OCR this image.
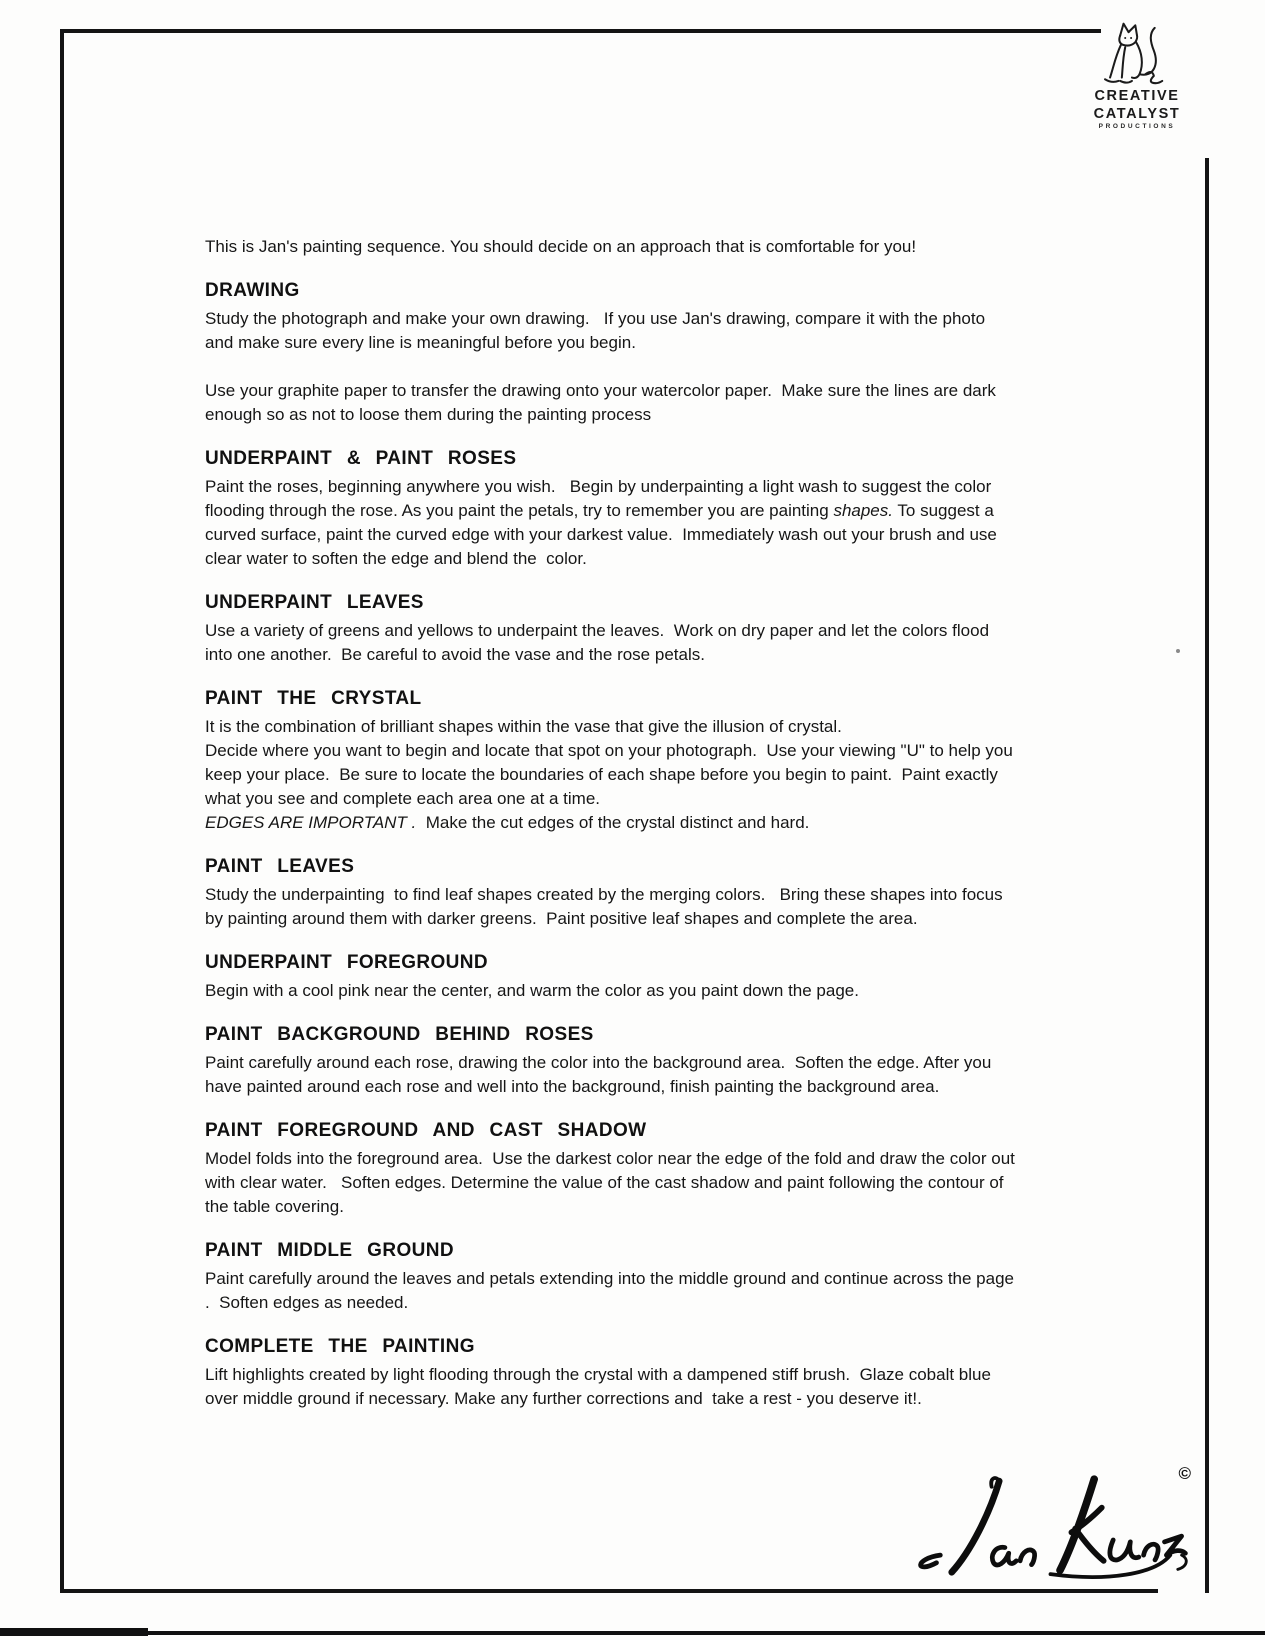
CREATIVE
CATALYST
PRODUCTIONS

This is Jan's painting sequence. You should decide on an approach that is comfortable for you!

DRAWING

Study the photograph and make your own drawing.   If you use Jan's drawing, compare it with the photo and make sure every line is meaningful before you begin.

Use your graphite paper to transfer the drawing onto your watercolor paper.  Make sure the lines are dark enough so as not to loose them during the painting process

UNDERPAINT & PAINT ROSES

Paint the roses, beginning anywhere you wish.   Begin by underpainting a light wash to suggest the color flooding through the rose. As you paint the petals, try to remember you are painting shapes. To suggest a curved surface, paint the curved edge with your darkest value.  Immediately wash out your brush and use clear water to soften the edge and blend the  color.

UNDERPAINT LEAVES

Use a variety of greens and yellows to underpaint the leaves.  Work on dry paper and let the colors flood into one another.  Be careful to avoid the vase and the rose petals.

PAINT THE CRYSTAL

It is the combination of brilliant shapes within the vase that give the illusion of crystal.

Decide where you want to begin and locate that spot on your photograph.  Use your viewing "U" to help you keep your place.  Be sure to locate the boundaries of each shape before you begin to paint.  Paint exactly what you see and complete each area one at a time.

EDGES ARE IMPORTANT .  Make the cut edges of the crystal distinct and hard.

PAINT LEAVES

Study the underpainting  to find leaf shapes created by the merging colors.   Bring these shapes into focus by painting around them with darker greens.  Paint positive leaf shapes and complete the area.

UNDERPAINT FOREGROUND

Begin with a cool pink near the center, and warm the color as you paint down the page.

PAINT BACKGROUND BEHIND ROSES

Paint carefully around each rose, drawing the color into the background area.  Soften the edge. After you have painted around each rose and well into the background, finish painting the background area.

PAINT FOREGROUND AND CAST SHADOW

Model folds into the foreground area.  Use the darkest color near the edge of the fold and draw the color out with clear water.   Soften edges. Determine the value of the cast shadow and paint following the contour of the table covering.

PAINT MIDDLE GROUND

Paint carefully around the leaves and petals extending into the middle ground and continue across the page .  Soften edges as needed.

COMPLETE THE PAINTING

Lift highlights created by light flooding through the crystal with a dampened stiff brush.  Glaze cobalt blue over middle ground if necessary. Make any further corrections and  take a rest - you deserve it!.

©
